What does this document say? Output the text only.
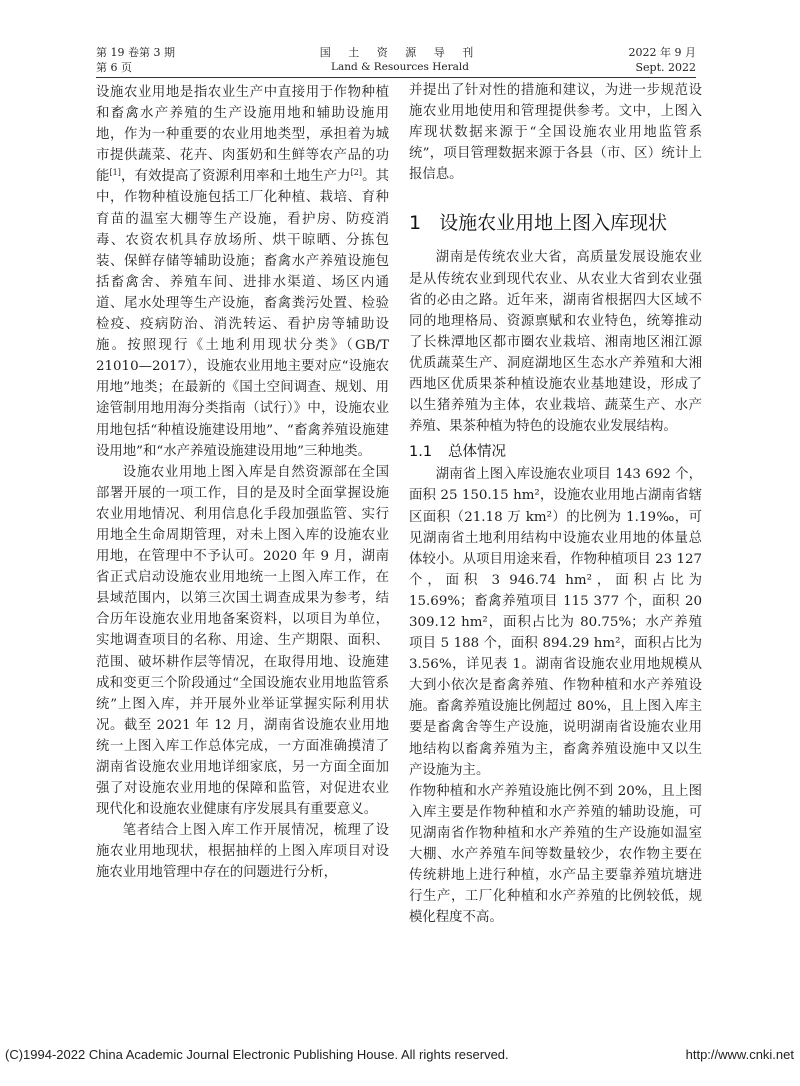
第 19 卷第 3 期
第 6 页
国 土 资 源 导 刊
Land & Resources Herald
2022 年 9 月
Sept. 2022

设施农业用地是指农业生产中直接用于作物种植和畜禽水产养殖的生产设施用地和辅助设施用地，作为一种重要的农业用地类型，承担着为城市提供蔬菜、花卉、肉蛋奶和生鲜等农产品的功能[1]，有效提高了资源利用率和土地生产力[2]。其中，作物种植设施包括工厂化种植、栽培、育种育苗的温室大棚等生产设施，看护房、防疫消毒、农资农机具存放场所、烘干晾晒、分拣包装、保鲜存储等辅助设施；畜禽水产养殖设施包括畜禽舍、养殖车间、进排水渠道、场区内通道、尾水处理等生产设施，畜禽粪污处置、检验检疫、疫病防治、消洗转运、看护房等辅助设施。按照现行《土地利用现状分类》（GB/T 21010—2017），设施农业用地主要对应“设施农用地”地类；在最新的《国土空间调查、规划、用途管制用地用海分类指南（试行）》中，设施农业用地包括“种植设施建设用地”、“畜禽养殖设施建设用地”和“水产养殖设施建设用地”三种地类。

设施农业用地上图入库是自然资源部在全国部署开展的一项工作，目的是及时全面掌握设施农业用地情况、利用信息化手段加强监管、实行用地全生命周期管理，对未上图入库的设施农业用地，在管理中不予认可。2020 年 9 月，湖南省正式启动设施农业用地统一上图入库工作，在县域范围内，以第三次国土调查成果为参考，结合历年设施农业用地备案资料，以项目为单位，实地调查项目的名称、用途、生产期限、面积、范围、破坏耕作层等情况，在取得用地、设施建成和变更三个阶段通过“全国设施农业用地监管系统”上图入库，并开展外业举证掌握实际利用状况。截至 2021 年 12 月，湖南省设施农业用地统一上图入库工作总体完成，一方面准确摸清了湖南省设施农业用地详细家底，另一方面全面加强了对设施农业用地的保障和监管，对促进农业现代化和设施农业健康有序发展具有重要意义。

笔者结合上图入库工作开展情况，梳理了设施农业用地现状，根据抽样的上图入库项目对设施农业用地管理中存在的问题进行分析，

并提出了针对性的措施和建议，为进一步规范设施农业用地使用和管理提供参考。文中，上图入库现状数据来源于“全国设施农业用地监管系统”，项目管理数据来源于各县（市、区）统计上报信息。

1 设施农业用地上图入库现状

湖南是传统农业大省，高质量发展设施农业是从传统农业到现代农业、从农业大省到农业强省的必由之路。近年来，湖南省根据四大区域不同的地理格局、资源禀赋和农业特色，统筹推动了长株潭地区都市圈农业栽培、湘南地区湘江源优质蔬菜生产、洞庭湖地区生态水产养殖和大湘西地区优质果茶种植设施农业基地建设，形成了以生猪养殖为主体，农业栽培、蔬菜生产、水产养殖、果茶种植为特色的设施农业发展结构。

1.1 总体情况

湖南省上图入库设施农业项目 143 692 个，面积 25 150.15 hm²，设施农业用地占湖南省辖区面积（21.18 万 km²）的比例为 1.19‰，可见湖南省土地利用结构中设施农业用地的体量总体较小。从项目用途来看，作物种植项目 23 127 个，面积 3 946.74 hm²，面积占比为 15.69%；畜禽养殖项目 115 377 个，面积 20 309.12 hm²，面积占比为 80.75%；水产养殖项目 5 188 个，面积 894.29 hm²，面积占比为 3.56%，详见表 1。湖南省设施农业用地规模从大到小依次是畜禽养殖、作物种植和水产养殖设施。畜禽养殖设施比例超过 80%，且上图入库主要是畜禽舍等生产设施，说明湖南省设施农业用地结构以畜禽养殖为主，畜禽养殖设施中又以生产设施为主。

作物种植和水产养殖设施比例不到 20%，且上图入库主要是作物种植和水产养殖的辅助设施，可见湖南省作物种植和水产养殖的生产设施如温室大棚、水产养殖车间等数量较少，农作物主要在传统耕地上进行种植，水产品主要靠养殖坑塘进行生产，工厂化种植和水产养殖的比例较低，规模化程度不高。

(C)1994-2022 China Academic Journal Electronic Publishing House. All rights reserved.	http://www.cnki.net
